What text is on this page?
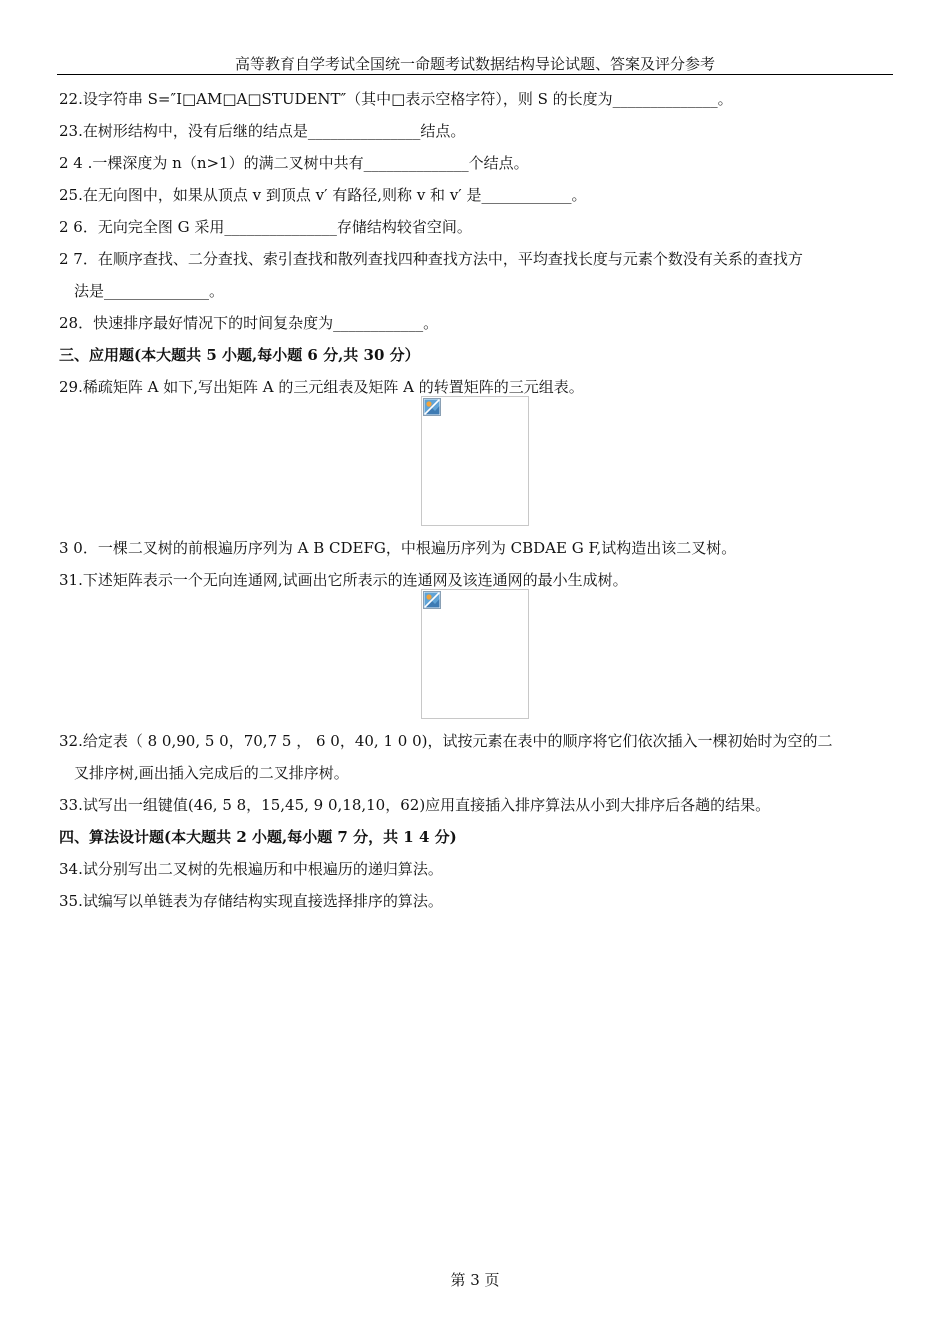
高等教育自学考试全国统一命题考试数据结构导论试题、答案及评分参考
22.设字符串 S=″I□AM□A□STUDENT″（其中□表示空格字符），则 S 的长度为______________。
23.在树形结构中，没有后继的结点是_______________结点。
2 4 .一棵深度为 n（n>1）的满二叉树中共有______________个结点。
25.在无向图中，如果从顶点 v 到顶点 v′ 有路径,则称 v 和 v′ 是____________。
2 6．无向完全图 G 采用_______________存储结构较省空间。
2 7．在顺序查找、二分查找、索引查找和散列查找四种查找方法中，平均查找长度与元素个数没有关系的查找方
法是______________。
28．快速排序最好情况下的时间复杂度为____________。
三、应用题(本大题共 5 小题,每小题 6 分,共 30 分）
29.稀疏矩阵 A 如下,写出矩阵 A 的三元组表及矩阵 A 的转置矩阵的三元组表。
3 0．一棵二叉树的前根遍历序列为 A B CDEFG，中根遍历序列为 CBDAE G F,试构造出该二叉树。
31.下述矩阵表示一个无向连通网,试画出它所表示的连通网及该连通网的最小生成树。
32.给定表（ 8 0,90, 5 0，70,7 5 ， 6 0，40, 1 0 0)，试按元素在表中的顺序将它们依次插入一棵初始时为空的二
叉排序树,画出插入完成后的二叉排序树。
33.试写出一组键值(46, 5 8，15,45, 9 0,18,10，62)应用直接插入排序算法从小到大排序后各趟的结果。
四、算法设计题(本大题共 2 小题,每小题 7 分，共 1 4 分)
34.试分别写出二叉树的先根遍历和中根遍历的递归算法。
35.试编写以单链表为存储结构实现直接选择排序的算法。
第 3 页
